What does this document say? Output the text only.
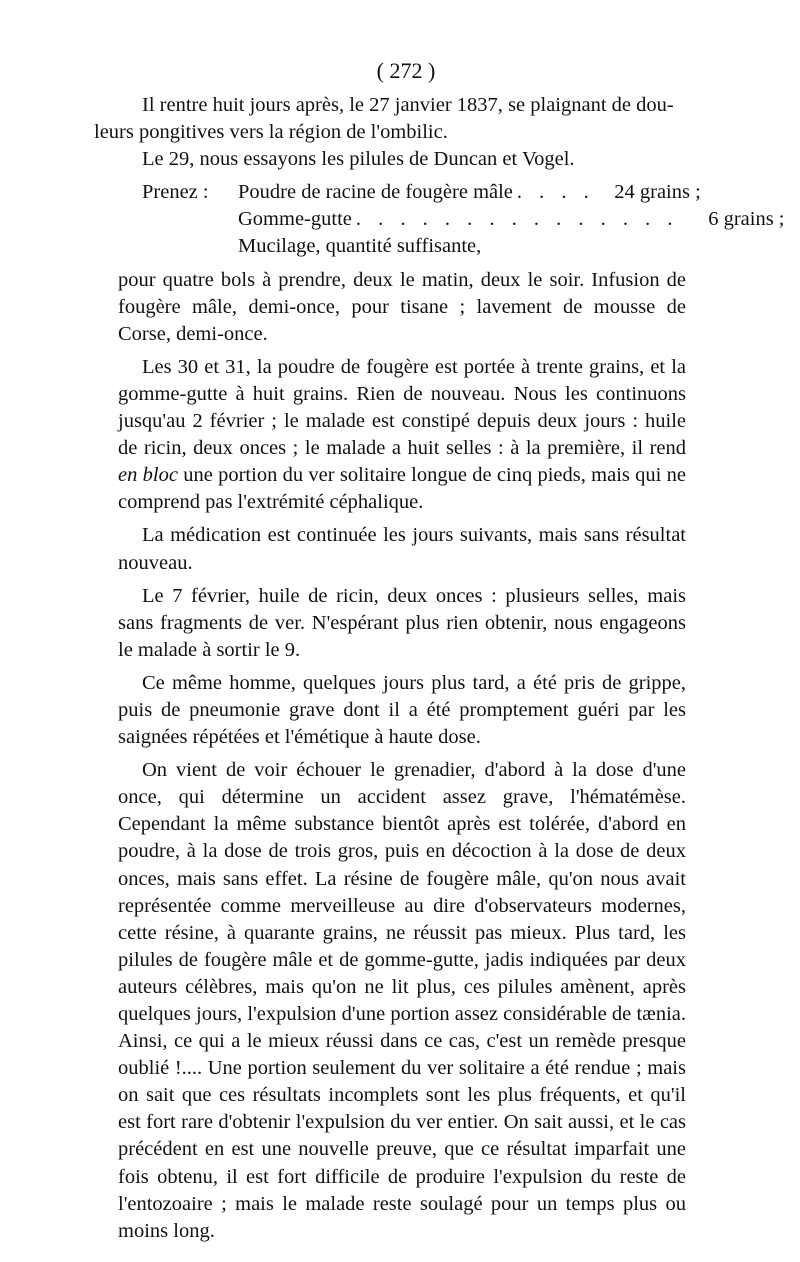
( 272 )

Il rentre huit jours après, le 27 janvier 1837, se plaignant de dou-
leurs pongitives vers la région de l'ombilic.

Le 29, nous essayons les pilules de Duncan et Vogel.

Prenez :	Poudre de racine de fougère mâle . . . . 24 grains ;
Gomme-gutte . . . . . . . . . . . . . . .	6 grains ;
Mucilage, quantité suffisante,

pour quatre bols à prendre, deux le matin, deux le soir. Infusion de fougère mâle, demi-once, pour tisane ; lavement de mousse de Corse, demi-once.

Les 30 et 31, la poudre de fougère est portée à trente grains, et la gomme-gutte à huit grains. Rien de nouveau. Nous les continuons jusqu'au 2 février ; le malade est constipé depuis deux jours : huile de ricin, deux onces ; le malade a huit selles : à la première, il rend en bloc une portion du ver solitaire longue de cinq pieds, mais qui ne comprend pas l'extrémité céphalique.

La médication est continuée les jours suivants, mais sans résultat nouveau.

Le 7 février, huile de ricin, deux onces : plusieurs selles, mais sans fragments de ver. N'espérant plus rien obtenir, nous engageons le malade à sortir le 9.

Ce même homme, quelques jours plus tard, a été pris de grippe, puis de pneumonie grave dont il a été promptement guéri par les saignées répétées et l'émétique à haute dose.

On vient de voir échouer le grenadier, d'abord à la dose d'une once, qui détermine un accident assez grave, l'hématémèse. Cependant la même substance bientôt après est tolérée, d'abord en poudre, à la dose de trois gros, puis en décoction à la dose de deux onces, mais sans effet. La résine de fougère mâle, qu'on nous avait représentée comme merveilleuse au dire d'observateurs modernes, cette résine, à quarante grains, ne réussit pas mieux. Plus tard, les pilules de fougère mâle et de gomme-gutte, jadis indiquées par deux auteurs célèbres, mais qu'on ne lit plus, ces pilules amènent, après quelques jours, l'expulsion d'une portion assez considérable de tænia. Ainsi, ce qui a le mieux réussi dans ce cas, c'est un remède presque oublié !.... Une portion seulement du ver solitaire a été rendue ; mais on sait que ces résultats incomplets sont les plus fréquents, et qu'il est fort rare d'obtenir l'expulsion du ver entier. On sait aussi, et le cas précédent en est une nouvelle preuve, que ce résultat imparfait une fois obtenu, il est fort difficile de produire l'expulsion du reste de l'entozoaire ; mais le malade reste soulagé pour un temps plus ou moins long.
